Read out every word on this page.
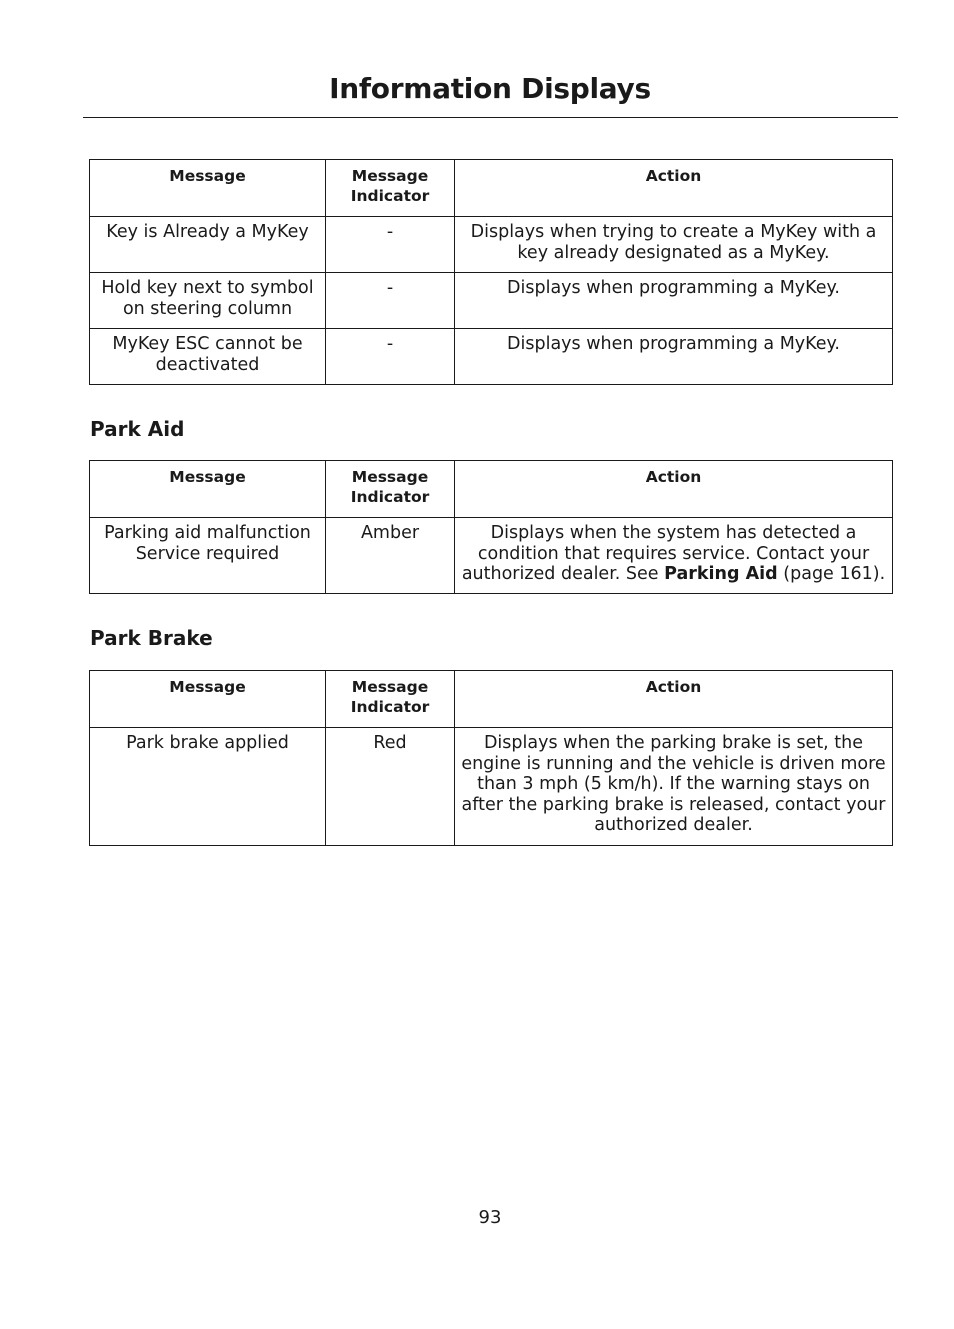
Information Displays
Message	Message Indicator	Action
Key is Already a MyKey	-	Displays when trying to create a MyKey with a key already designated as a MyKey.
Hold key next to symbol on steering column	-	Displays when programming a MyKey.
MyKey ESC cannot be deactivated	-	Displays when programming a MyKey.
Park Aid
Message	Message Indicator	Action
Parking aid malfunction Service required	Amber	Displays when the system has detected a condition that requires service. Contact your authorized dealer. See Parking Aid (page 161).
Park Brake
Message	Message Indicator	Action
Park brake applied	Red	Displays when the parking brake is set, the engine is running and the vehicle is driven more than 3 mph (5 km/h). If the warning stays on after the parking brake is released, contact your authorized dealer.
93
